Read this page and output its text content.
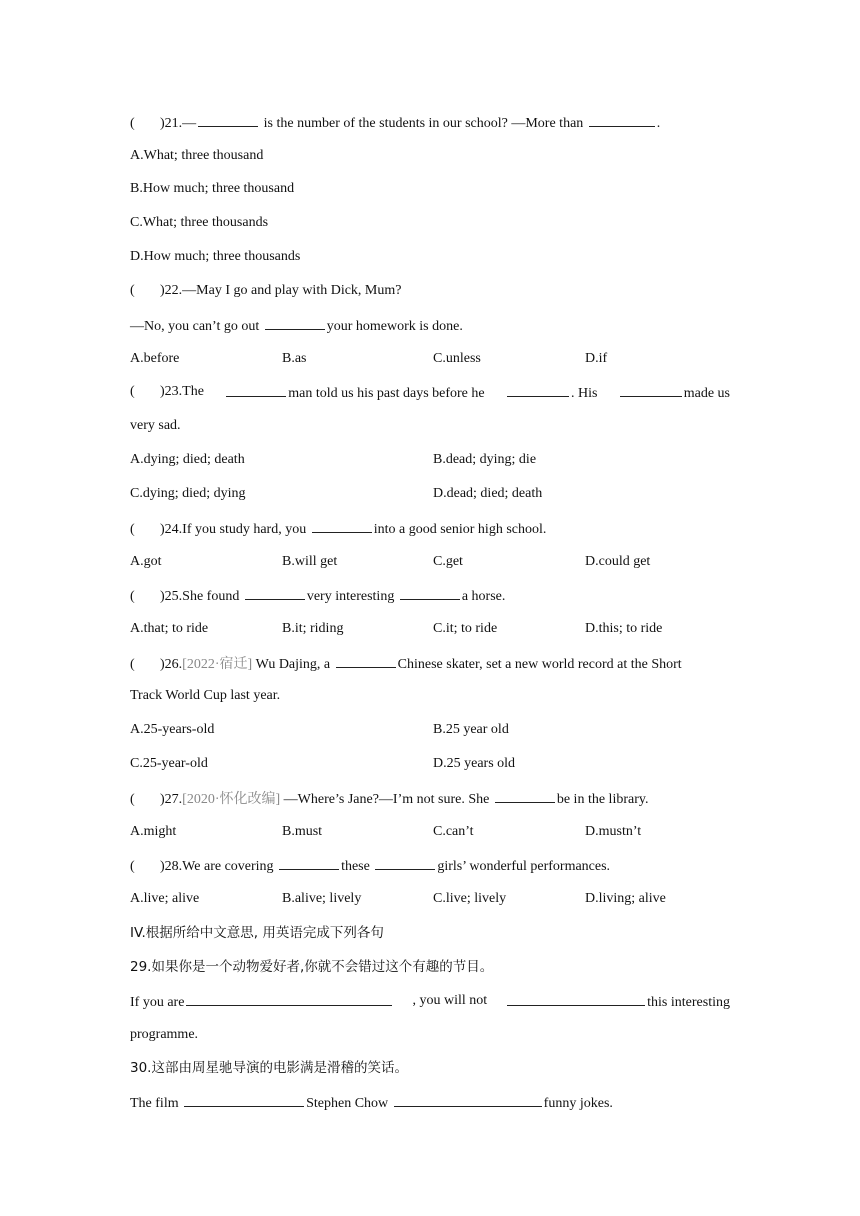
( )21.—	is the number of the students in our school? —More than	.
A.What; three thousand
B.How much; three thousand
C.What; three thousands
D.How much; three thousands
( )22.—May I go and play with Dick, Mum?
—No, you can’t go out	your homework is done.
A.before	B.as	C.unless	D.if
( )23.The	man told us his past days before he	. His	made us
very sad.
A.dying; died; death	B.dead; dying; die
C.dying; died; dying	D.dead; died; death
( )24.If you study hard, you	into a good senior high school.
A.got	B.will get	C.get	D.could get
( )25.She found	very interesting	a horse.
A.that; to ride	B.it; riding	C.it; to ride	D.this; to ride
( )26.[2022·宿迁] Wu Dajing, a	Chinese skater, set a new world record at the Short
Track World Cup last year.
A.25-years-old	B.25 year old
C.25-year-old	D.25 years old
( )27.[2020·怀化改编] —Where’s Jane?—I’m not sure. She	be in the library.
A.might	B.must	C.can’t	D.mustn’t
( )28.We are covering	these	girls’ wonderful performances.
A.live; alive	B.alive; lively	C.live; lively	D.living; alive
IV.根据所给中文意思, 用英语完成下列各句
29.如果你是一个动物爱好者,你就不会错过这个有趣的节目。
If you are	, you will not	this interesting
programme.
30.这部由周星驰导演的电影满是滑稽的笑话。
The film	Stephen Chow	funny jokes.
